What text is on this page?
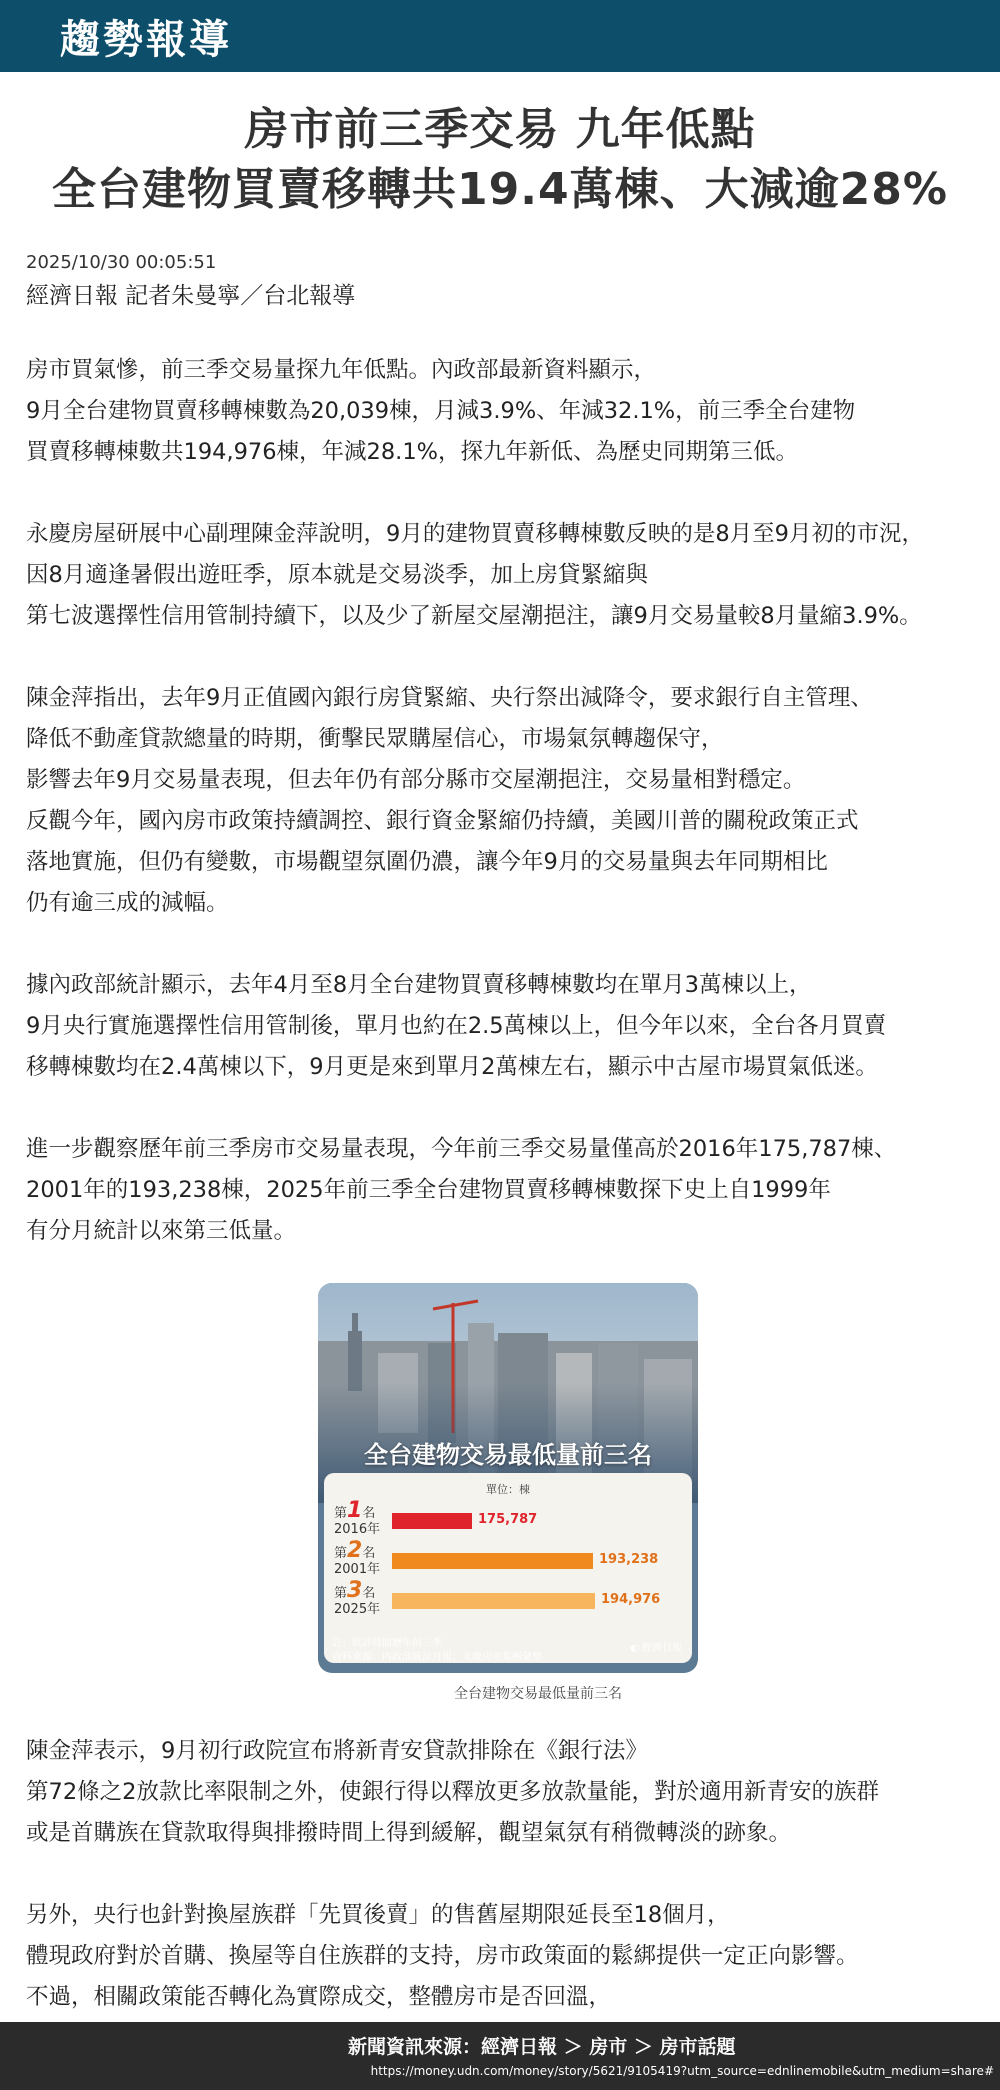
趨勢報導
房市前三季交易 九年低點
全台建物買賣移轉共19.4萬棟、大減逾28%
2025/10/30 00:05:51
經濟日報 記者朱曼寧／台北報導
房市買氣慘，前三季交易量探九年低點。內政部最新資料顯示，
9月全台建物買賣移轉棟數為20,039棟，月減3.9%、年減32.1%，前三季全台建物
買賣移轉棟數共194,976棟，年減28.1%，探九年新低、為歷史同期第三低。
永慶房屋研展中心副理陳金萍說明，9月的建物買賣移轉棟數反映的是8月至9月初的市況，
因8月適逢暑假出遊旺季，原本就是交易淡季，加上房貸緊縮與
第七波選擇性信用管制持續下，以及少了新屋交屋潮挹注，讓9月交易量較8月量縮3.9%。
陳金萍指出，去年9月正值國內銀行房貸緊縮、央行祭出減降令，要求銀行自主管理、
降低不動產貸款總量的時期，衝擊民眾購屋信心，市場氣氛轉趨保守，
影響去年9月交易量表現，但去年仍有部分縣市交屋潮挹注，交易量相對穩定。
反觀今年，國內房市政策持續調控、銀行資金緊縮仍持續，美國川普的關稅政策正式
落地實施，但仍有變數，市場觀望氛圍仍濃，讓今年9月的交易量與去年同期相比
仍有逾三成的減幅。
據內政部統計顯示，去年4月至8月全台建物買賣移轉棟數均在單月3萬棟以上，
9月央行實施選擇性信用管制後，單月也約在2.5萬棟以上，但今年以來，全台各月買賣
移轉棟數均在2.4萬棟以下，9月更是來到單月2萬棟左右，顯示中古屋市場買氣低迷。
進一步觀察歷年前三季房市交易量表現，今年前三季交易量僅高於2016年175,787棟、
2001年的193,238棟，2025年前三季全台建物買賣移轉棟數探下史上自1999年
有分月統計以來第三低量。
全台建物交易最低量前三名
單位：棟
第1名
2016年
175,787
第2名
2001年
193,238
第3名
2025年
194,976
註：統計時間歷年前三季
資料來源：內政部統計月報；永慶房產集團彙整
◐ 經濟日報
全台建物交易最低量前三名
陳金萍表示，9月初行政院宣布將新青安貸款排除在《銀行法》
第72條之2放款比率限制之外，使銀行得以釋放更多放款量能，對於適用新青安的族群
或是首購族在貸款取得與排撥時間上得到緩解，觀望氣氛有稍微轉淡的跡象。
另外，央行也針對換屋族群「先買後賣」的售舊屋期限延長至18個月，
體現政府對於首購、換屋等自住族群的支持，房市政策面的鬆綁提供一定正向影響。
不過，相關政策能否轉化為實際成交，整體房市是否回溫，
新聞資訊來源：經濟日報 ＞ 房市 ＞ 房市話題
https://money.udn.com/money/story/5621/9105419?utm_source=ednlinemobile&utm_medium=share#
